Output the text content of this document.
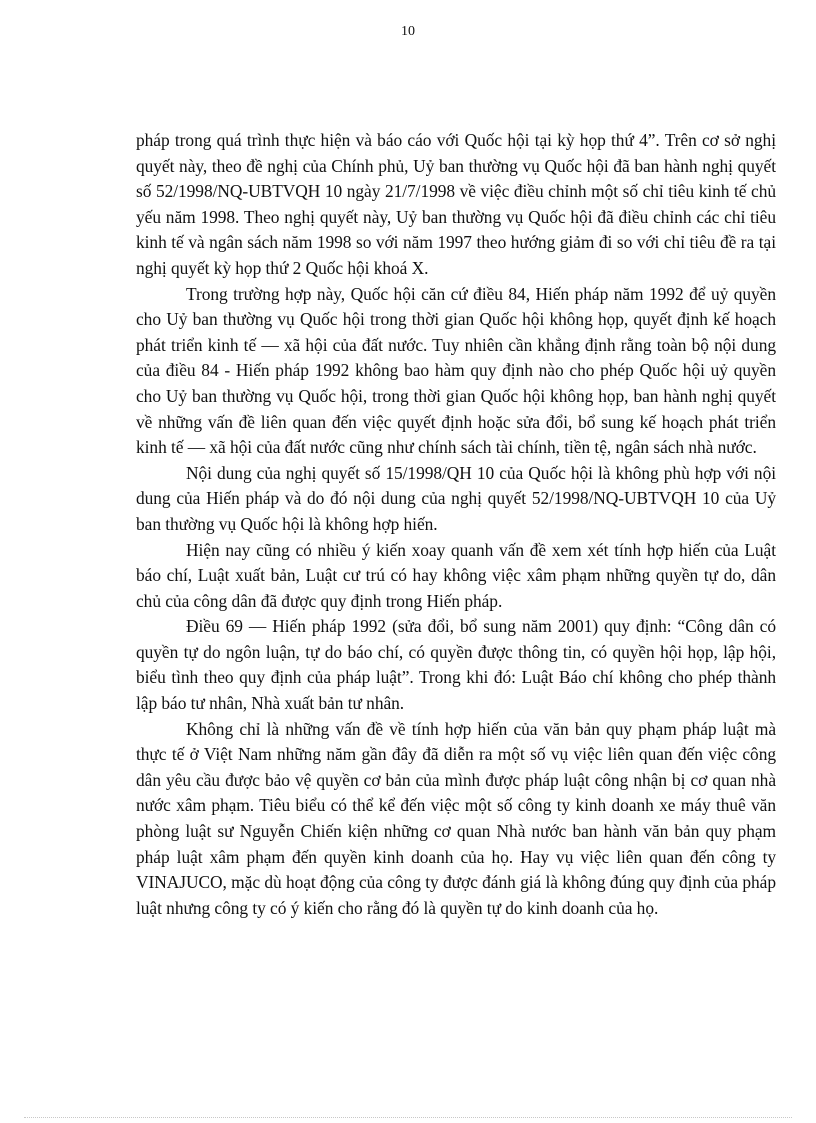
10

pháp trong quá trình thực hiện và báo cáo với Quốc hội tại kỳ họp thứ 4”. Trên cơ sở nghị quyết này, theo đề nghị của Chính phủ, Uỷ ban thường vụ Quốc hội đã ban hành nghị quyết số 52/1998/NQ-UBTVQH 10 ngày 21/7/1998 về việc điều chỉnh một số chỉ tiêu kinh tế chủ yếu năm 1998. Theo nghị quyết này, Uỷ ban thường vụ Quốc hội đã điều chỉnh các chỉ tiêu kinh tế và ngân sách năm 1998 so với năm 1997 theo hướng giảm đi so với chỉ tiêu đề ra tại nghị quyết kỳ họp thứ 2 Quốc hội khoá X.

Trong trường hợp này, Quốc hội căn cứ điều 84, Hiến pháp năm 1992 để uỷ quyền cho Uỷ ban thường vụ Quốc hội trong thời gian Quốc hội không họp, quyết định kế hoạch phát triển kinh tế — xã hội của đất nước. Tuy nhiên cần khẳng định rằng toàn bộ nội dung của điều 84 - Hiến pháp 1992 không bao hàm quy định nào cho phép Quốc hội uỷ quyền cho Uỷ ban thường vụ Quốc hội, trong thời gian Quốc hội không họp, ban hành nghị quyết về những vấn đề liên quan đến việc quyết định hoặc sửa đổi, bổ sung kế hoạch phát triển kinh tế — xã hội của đất nước cũng như chính sách tài chính, tiền tệ, ngân sách nhà nước.

Nội dung của nghị quyết số 15/1998/QH 10 của Quốc hội là không phù hợp với nội dung của Hiến pháp và do đó nội dung của nghị quyết 52/1998/NQ-UBTVQH 10 của Uỷ ban thường vụ Quốc hội là không hợp hiến.

Hiện nay cũng có nhiều ý kiến xoay quanh vấn đề xem xét tính hợp hiến của Luật báo chí, Luật xuất bản, Luật cư trú có hay không việc xâm phạm những quyền tự do, dân chủ của công dân đã được quy định trong Hiến pháp.

Điều 69 — Hiến pháp 1992 (sửa đổi, bổ sung năm 2001) quy định: “Công dân có quyền tự do ngôn luận, tự do báo chí, có quyền được thông tin, có quyền hội họp, lập hội, biểu tình theo quy định của pháp luật”. Trong khi đó: Luật Báo chí không cho phép thành lập báo tư nhân, Nhà xuất bản tư nhân.

Không chỉ là những vấn đề về tính hợp hiến của văn bản quy phạm pháp luật mà thực tế ở Việt Nam những năm gần đây đã diễn ra một số vụ việc liên quan đến việc công dân yêu cầu được bảo vệ quyền cơ bản của mình được pháp luật công nhận bị cơ quan nhà nước xâm phạm. Tiêu biểu có thể kể đến việc một số công ty kinh doanh xe máy thuê văn phòng luật sư Nguyễn Chiến kiện những cơ quan Nhà nước ban hành văn bản quy phạm pháp luật xâm phạm đến quyền kinh doanh của họ. Hay vụ việc liên quan đến công ty VINAJUCO, mặc dù hoạt động của công ty được đánh giá là không đúng quy định của pháp luật nhưng công ty có ý kiến cho rằng đó là quyền tự do kinh doanh của họ.
